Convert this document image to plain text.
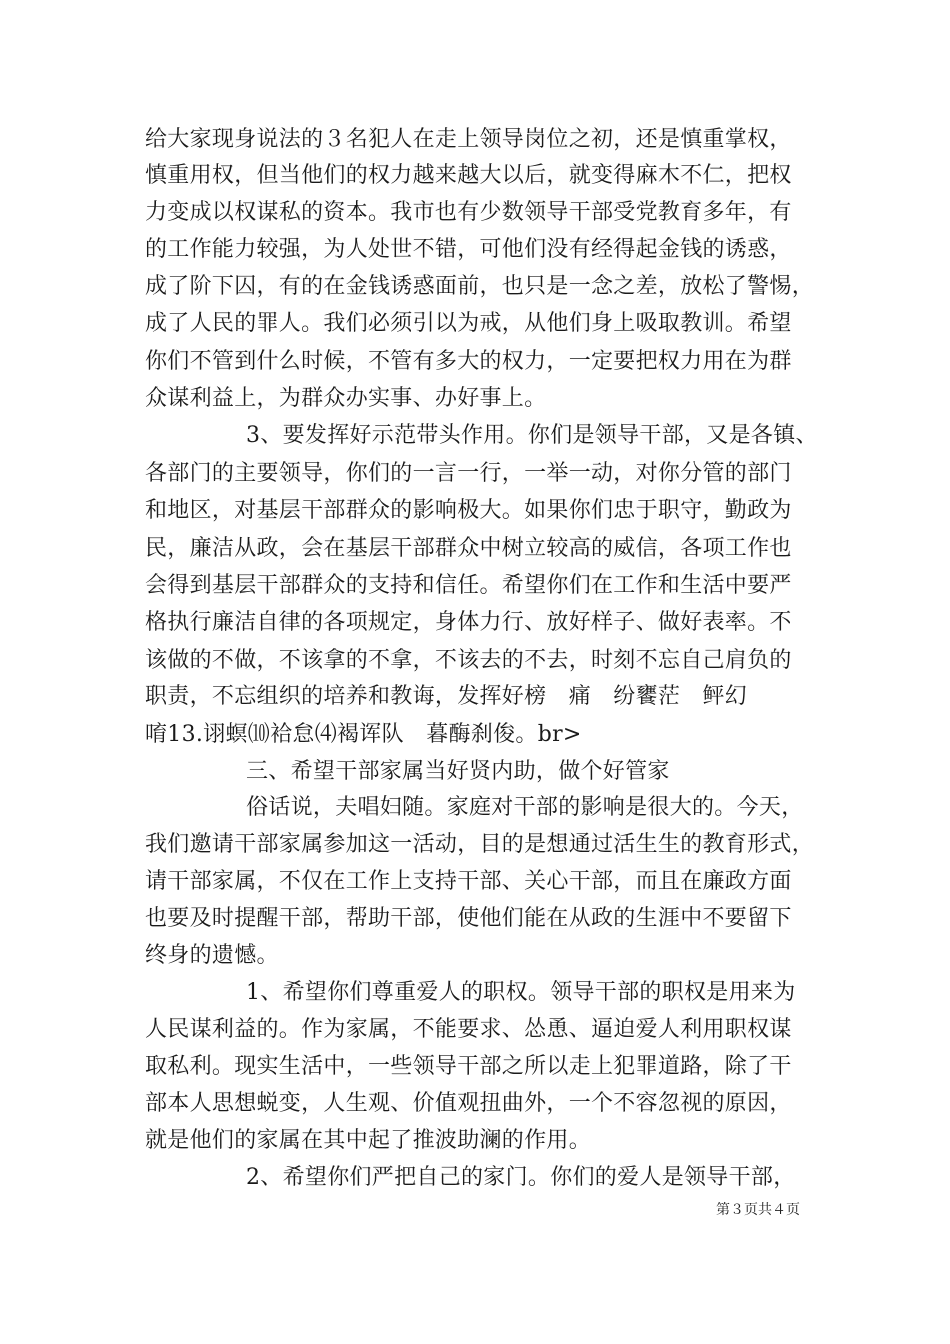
给大家现身说法的３名犯人在走上领导岗位之初，还是慎重掌权，
慎重用权，但当他们的权力越来越大以后，就变得麻木不仁，把权
力变成以权谋私的资本。我市也有少数领导干部受党教育多年，有
的工作能力较强，为人处世不错，可他们没有经得起金钱的诱惑，
成了阶下囚，有的在金钱诱惑面前，也只是一念之差，放松了警惕，
成了人民的罪人。我们必须引以为戒，从他们身上吸取教训。希望
你们不管到什么时候，不管有多大的权力，一定要把权力用在为群
众谋利益上，为群众办实事、办好事上。
3、要发挥好示范带头作用。你们是领导干部，又是各镇、
各部门的主要领导，你们的一言一行，一举一动，对你分管的部门
和地区，对基层干部群众的影响极大。如果你们忠于职守，勤政为
民，廉洁从政，会在基层干部群众中树立较高的威信，各项工作也
会得到基层干部群众的支持和信任。希望你们在工作和生活中要严
格执行廉洁自律的各项规定，身体力行、放好样子、做好表率。不
该做的不做，不该拿的不拿，不该去的不去，时刻不忘自己肩负的
职责，不忘组织的培养和教诲，发挥好榜　痛　纷饔茫　鲆幻
唷13.诩螟⑽袷怠⑷褐诨队　暮酶刹俊。br>
三、希望干部家属当好贤内助，做个好管家
俗话说，夫唱妇随。家庭对干部的影响是很大的。今天，
我们邀请干部家属参加这一活动，目的是想通过活生生的教育形式，
请干部家属，不仅在工作上支持干部、关心干部，而且在廉政方面
也要及时提醒干部，帮助干部，使他们能在从政的生涯中不要留下
终身的遗憾。
1、希望你们尊重爱人的职权。领导干部的职权是用来为
人民谋利益的。作为家属，不能要求、怂恿、逼迫爱人利用职权谋
取私利。现实生活中，一些领导干部之所以走上犯罪道路，除了干
部本人思想蜕变，人生观、价值观扭曲外，一个不容忽视的原因，
就是他们的家属在其中起了推波助澜的作用。
2、希望你们严把自己的家门。你们的爱人是领导干部，
第３页共４页
